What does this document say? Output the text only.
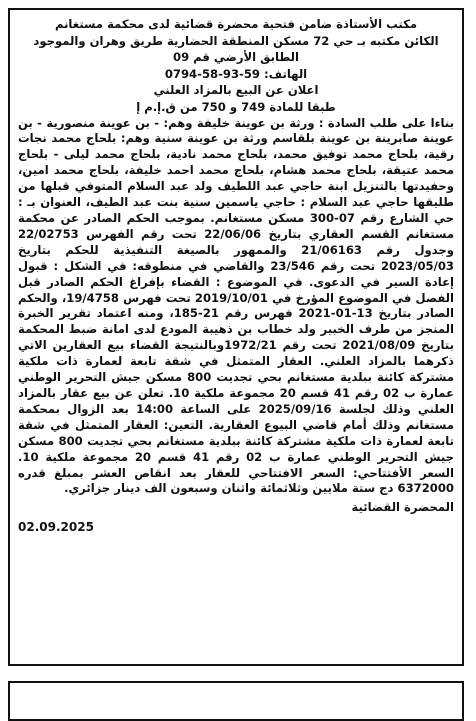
مكتب الأستاذة ضامن فتحية محضرة قضائية لدى محكمة مستغانم
الكائن مكتبه بـ حي 72 مسكن المنطقة الحضارية طريق وهران والموجود الطابق الأرضي قم 09
الهاتف: 59-93-58-0794
اعلان عن البيع بالمزاد العلني
طبقا للمادة 749 و 750 من ق.إ.م إ
بناءا على طلب السادة : ورثة بن عوينة خليفة وهم: - بن عوينة منصورية - بن عوينة صابرينة بن عوينة بلقاسم ورثة بن عوينة سنية وهم: بلحاج محمد نجات رقية، بلحاج محمد توفيق محمد، بلحاج محمد نادية، بلحاج محمد ليلى - بلحاج محمد عتيقة، بلحاج محمد هشام، بلحاج محمد احمد خليفة، بلحاج محمد امين، وحفيدتها بالتنزيل ابنة حاجي عبد اللطيف ولد عبد السلام المتوفي قبلها من طليقها حاجي عبد السلام : حاجي ياسمين سنية بنت عبد الطيف، العنوان بـ : حي الشارع رقم 07-300 مسكن مستغانم. بموجب الحكم الصادر عن محكمة مستغانم القسم العقاري بتاريخ 22/06/06 تحت رقم الفهرس 22/02753 وجدول رقم 21/06163 والممهور بالصيغة التنفيذية للحكم بتاريخ 2023/05/03 تحت رقم 23/546 والقاضي في منطوقه: في الشكل : قبول إعادة السير في الدعوى. في الموضوع : القضاء بإفراغ الحكم الصادر قبل الفصل في الموضوع المؤرخ في 2019/10/01 تحت فهرس 19/4758، والحكم الصادر بتاريخ 13-01-2021 فهرس رقم 21-185، ومنه اعتماد تقرير الخبرة المنجز من طرف الخبير ولد خطاب بن ذهيبة المودع لدى امانة ضبط المحكمة بتاريخ 2021/08/09 تحت رقم 1972/21وبالنتيجة القضاء بيع العقارين الاتي ذكرهما بالمزاد العلني. العقار المتمثل في شقة تابعة لعمارة ذات ملكية مشتركة كائنة ببلدية مستغانم بحي تجديت 800 مسكن جيش التحرير الوطني عمارة ب 02 رقم 41 قسم 20 مجموعة ملكية 10. تعلن عن بيع عقار بالمزاد العلني وذلك لجلسة 2025/09/16 على الساعة 14:00 بعد الزوال بمحكمة مستغانم وذلك أمام قاضي البيوع العقارية. التعين: العقار المتمثل في شقة تابعة لعمارة ذات ملكية مشتركة كائنة ببلدية مستغانم بحي تجديت 800 مسكن جيش التحرير الوطني عمارة ب 02 رقم 41 قسم 20 مجموعة ملكية 10. السعر الأفتتاحي: السعر الافتتاحي للعقار بعد انقاص العشر بمبلغ قدره 6372000 دج ستة ملايين وثلاثمائة واثنان وسبعون الف دينار جزائري.
المحضرة القضائية
02.09.2025
